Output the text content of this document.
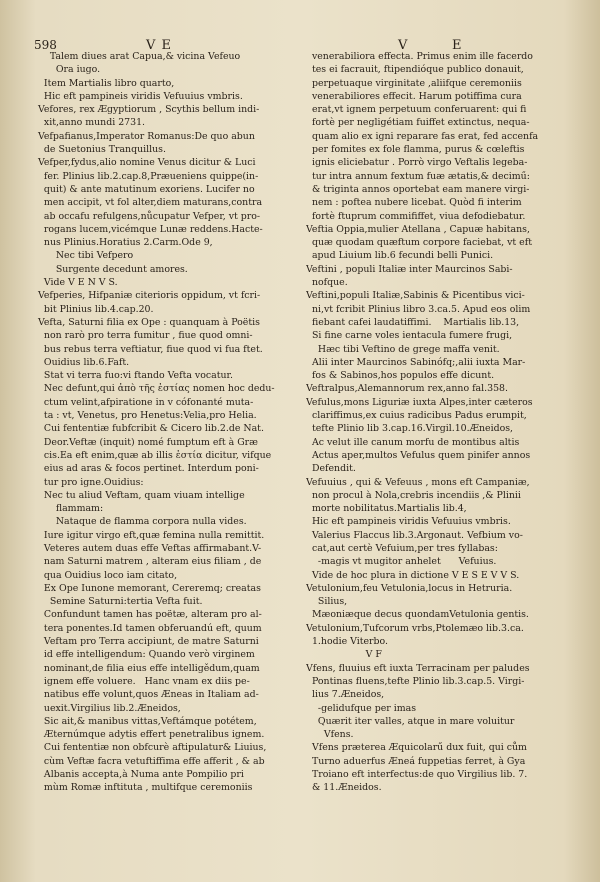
598	V E	V	E
Talem diues arat Capua,& vicina Vefeuo
Ora iugo.
Item Martialis libro quarto,
Hic eft pampineis viridis Vefuuius vmbris.
Vefores, rex Ægyptiorum , Scythis bellum indi-
xit,anno mundi 2731.
Vefpafianus,Imperator Romanus:De quo abun
de Suetonius Tranquillus.
Vefper,fydus,alio nomine Venus dicitur & Luci
fer. Plinius lib.2.cap.8,Præueniens quippe(in-
quit) & ante matutinum exoriens. Lucifer no
men accipit, vt fol alter,diem maturans,contra
ab occafu refulgens,nůcupatur Vefper, vt pro-
rogans lucem,vicémque Lunæ reddens.Hacte-
nus Plinius.Horatius 2.Carm.Ode 9,
Nec tibi Vefpero
Surgente decedunt amores.
Vide V E N V S.
Vefperies, Hifpaniæ citerioris oppidum, vt fcri-
bit Plinius lib.4.cap.20.
Vefta, Saturni filia ex Ope : quanquam à Poëtis
non rarò pro terra fumitur , fiue quod omni-
bus rebus terra veftiatur, fiue quod vi fua ftet.
Ouidius lib.6.Faft.
Stat vi terra fuo:vi ftando Vefta vocatur.
Nec defunt,qui ἀπὸ τῆς ἑστίας nomen hoc dedu-
ctum velint,afpiratione in v cófonanté muta-
ta : vt, Venetus, pro Henetus:Velia,pro Helia.
Cui fententiæ fubfcribit & Cicero lib.2.de Nat.
Deor.Veftæ (inquit) nomé fumptum eft à Græ
cis.Ea eft enim,quæ ab illis ἑστία dicitur, vifque
eius ad aras & focos pertinet. Interdum poni-
tur pro igne.Ouidius:
Nec tu aliud Veftam, quam viuam intellige
flammam:
Nataque de flamma corpora nulla vides.
Iure igitur virgo eft,quæ femina nulla remittit.
Veteres autem duas effe Veftas affirmabant.V-
nam Saturni matrem , alteram eius filiam , de
qua Ouidius loco iam citato,
Ex Ope Iunone memorant, Cereremq; creatas
Semine Saturni:tertia Vefta fuit.
Confundunt tamen has poëtæ, alteram pro al-
tera ponentes.Id tamen obferuandú eft, quum
Veftam pro Terra accipiunt, de matre Saturni
id effe intelligendum: Quando verò virginem
nominant,de filia eius effe intelligědum,quam
ignem effe voluere.   Hanc vnam ex diis pe-
natibus effe volunt,quos Æneas in Italiam ad-
uexit.Virgilius lib.2.Æneidos,
Sic ait,& manibus vittas,Veftámque potétem,
Æternúmque adytis effert penetralibus ignem.
Cui fententiæ non obfcurè aftipulatur& Liuius,
cùm Veftæ facra vetuftiffima effe afferit , & ab
Albanis accepta,à Numa ante Pompilio pri
mùm Romæ inftituta , multifque ceremoniis
venerabiliora effecta. Primus enim ille facerdo
tes ei facrauit, ftipendióque publico donauit,
perpetuaque virginitate ,aliifque ceremoniis
venerabiliores effecit. Harum potiffima cura
erat,vt ignem perpetuum conferuarent: qui fi
fortè per negligétiam fuiffet extinctus, nequa-
quam alio ex igni reparare fas erat, fed accenfa
per fomites ex fole flamma, purus & cœleftis
ignis eliciebatur . Porrò virgo Veftalis legeba-
tur intra annum fextum fuæ ætatis,& decimű:
& triginta annos oportebat eam manere virgi-
nem : poftea nubere licebat. Quòd fi interim
fortè ftuprum commififfet, viua defodiebatur.
Veftia Oppia,mulier Atellana , Capuæ habitans,
quæ quodam quæftum corpore faciebat, vt eft
apud Liuium lib.6 fecundi belli Punici.
Veftini , populi Italiæ inter Maurcinos Sabi-
nofque.
Veftini,populi Italiæ,Sabinis & Picentibus vici-
ni,vt fcribit Plinius libro 3.ca.5. Apud eos olim
fiebant cafei laudatiffimi.    Martialis lib.13,
Si fine carne voles ientacula fumere frugi,
Hæc tibi Veftino de grege maffa venit.
Alii inter Maurcinos Sabinófq;,alii iuxta Mar-
fos & Sabinos,hos populos effe dicunt.
Veftralpus,Alemannorum rex,anno fal.358.
Vefulus,mons Liguriæ iuxta Alpes,inter cæteros
clariffimus,ex cuius radicibus Padus erumpit,
tefte Plinio lib 3.cap.16.Virgil.10.Æneidos,
Ac velut ille canum morfu de montibus altis
Actus aper,multos Vefulus quem pinifer annos
Defendit.
Vefuuius , qui & Vefeuus , mons eft Campaniæ,
non procul à Nola,crebris incendiis ,& Plinii
morte nobilitatus.Martialis lib.4,
Hic eft pampineis viridis Vefuuius vmbris.
Valerius Flaccus lib.3.Argonaut. Vefbium vo-
cat,aut certè Vefuium,per tres fyllabas:
-magis vt mugitor anhelet      Vefuius.
Vide de hoc plura in dictione V E S E V V S.
Vetulonium,feu Vetulonia,locus in Hetruria.
Silius,
Mæoniæque decus quondamVetulonia gentis.
Vetulonium,Tufcorum vrbs,Ptolemæo lib.3.ca.
1.hodie Viterbo.
V F
Vfens, fluuius eft iuxta Terracinam per paludes
Pontinas fluens,tefte Plinio lib.3.cap.5. Virgi-
lius 7.Æneidos,
-gelidufque per imas
Quærit iter valles, atque in mare voluitur
Vfens.
Vfens præterea Æquicolarű dux fuit, qui cům
Turno aduerfus Æneá fuppetias ferret, à Gya
Troiano eft interfectus:de quo Virgilius lib. 7.
& 11.Æneidos.
